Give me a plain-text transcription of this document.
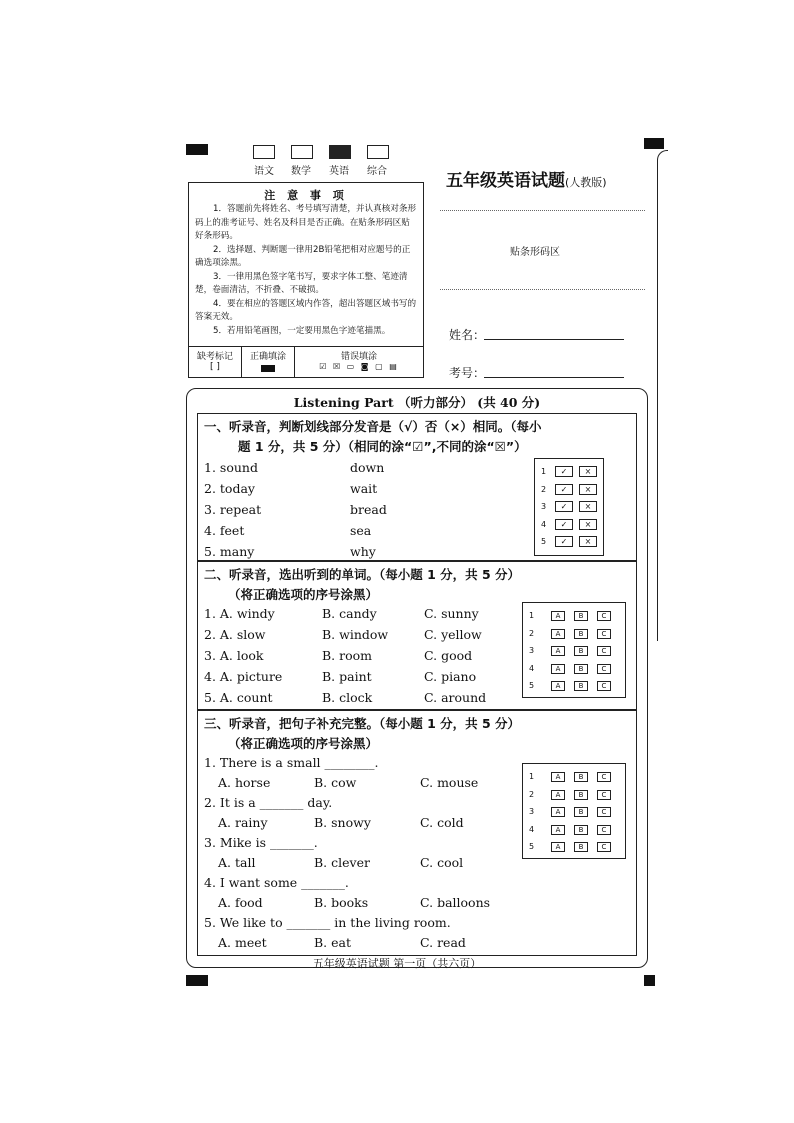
语文 数学 英语 综合
注 意 事 项

1．答题前先将姓名、考号填写清楚，并认真核对条形码上的准考证号、姓名及科目是否正确。在贴条形码区贴好条形码。

2．选择题、判断题一律用2B铅笔把相对应题号的正确选项涂黑。

3．一律用黑色签字笔书写，要求字体工整、笔迹清楚，卷面清洁，不折叠、不破损。

4．要在相应的答题区域内作答，超出答题区域书写的答案无效。

5．若用铅笔画图，一定要用黑色字迹笔描黑。

缺考标记
[ ]
正确填涂	错误填涂
☑ ☒ ▭ ◙ ▢ ▤
五年级英语试题(人教版)
贴条形码区
姓名：
考号：
Listening Part （听力部分） (共 40 分)
一、听录音，判断划线部分发音是（√）否（×）相同。（每小
题 1 分，共 5 分）（相同的涂“☑”,不同的涂“☒”）
1. sound	down
2. today	wait
3. repeat	bread
4. feet	sea
5. many	why
1	✓	×
2	✓	×
3	✓	×
4	✓	×
5	✓	×
二、听录音，选出听到的单词。（每小题 1 分，共 5 分）
（将正确选项的序号涂黑）
1. A. windy	B. candy	C. sunny
2. A. slow	B. window	C. yellow
3. A. look	B. room	C. good
4. A. picture	B. paint	C. piano
5. A. count	B. clock	C. around
1	A	B	C
2	A	B	C
3	A	B	C
4	A	B	C
5	A	B	C
三、听录音，把句子补充完整。（每小题 1 分，共 5 分）
（将正确选项的序号涂黑）
1. There is a small ________.
A. horse	B. cow	C. mouse
2. It is a _______ day.
A. rainy	B. snowy	C. cold
3. Mike is _______.
A. tall	B. clever	C. cool
4. I want some _______.
A. food	B. books	C. balloons
5. We like to _______ in the living room.
A. meet	B. eat	C. read
1	A	B	C
2	A	B	C
3	A	B	C
4	A	B	C
5	A	B	C
五年级英语试题 第一页（共六页）
